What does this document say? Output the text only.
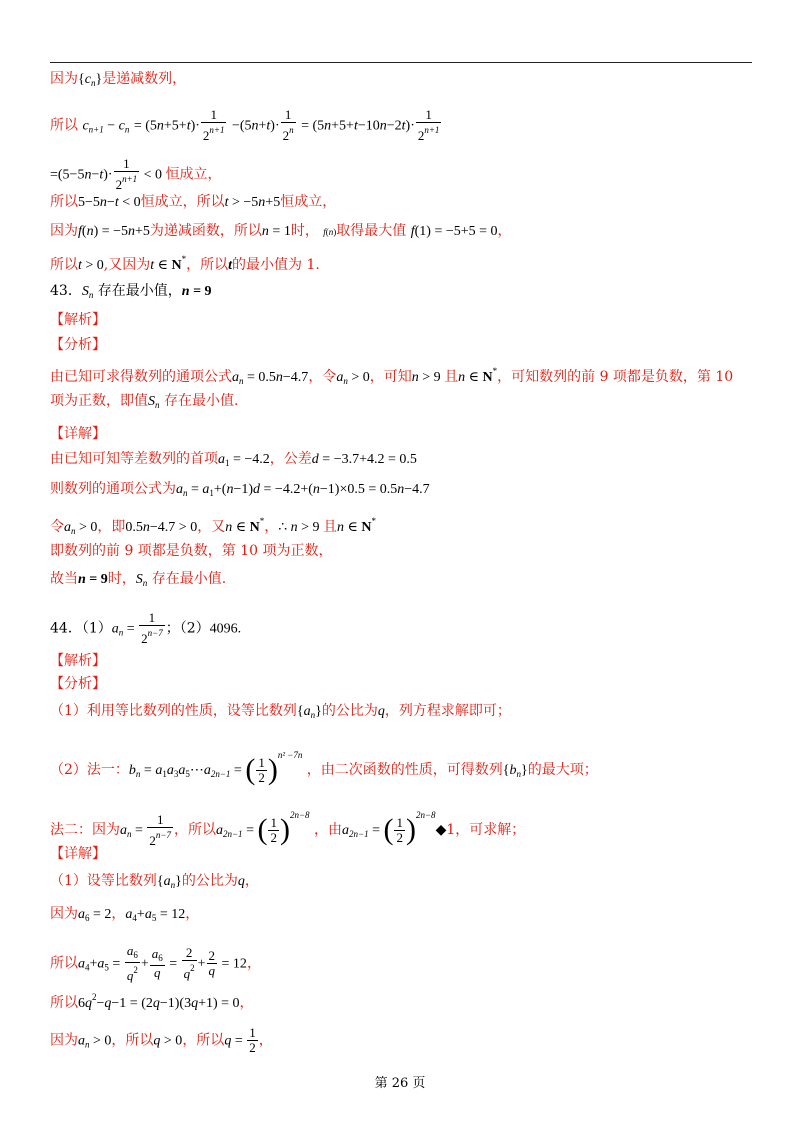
因为$\{c_n\}$是递减数列，
所以 $c_{n+1} - c_n = (5n+5+t)\cdot \frac{1}{2^{n+1}} -(5n+t)\cdot \frac{1}{2^n} = (5n+5+t-10n-2t)\cdot \frac{1}{2^{n+1}}$
$=(5-5n-t)\cdot \frac{1}{2^{n+1}} < 0$ 恒成立，
所以5−5n−t < 0恒成立，所以t > −5n+5恒成立，
因为f(n) = −5n+5为递减函数，所以n = 1时， f(n)取得最大值 f(1) = −5+5 = 0，
所以t > 0,又因为t ∈ N*，所以t的最小值为 1.
43．$S_n$ 存在最小值，n = 9
【解析】
【分析】
由已知可求得数列的通项公式$a_n = 0.5n-4.7$，令$a_n > 0$，可知n > 9 且n ∈ N*，可知数列的前 9 项都是负数，第 10
项为正数，即值$S_n$ 存在最小值.
【详解】
由已知可知等差数列的首项$a_1 = -4.2$，公差d = −3.7+4.2 = 0.5
则数列的通项公式为$a_n = a_1+(n-1)d = -4.2+(n-1)\times 0.5 = 0.5n-4.7$
令$a_n > 0$，即0.5n−4.7 > 0，又n ∈ N*，∴ n > 9 且n ∈ N*
即数列的前 9 项都是负数，第 10 项为正数，
故当n = 9时，$S_n$ 存在最小值.
44．$(1)a_n = \frac{1}{2^{n-7}}$ ；（2）4096.
【解析】
【分析】
（1）利用等比数列的性质，设等比数列$\{a_n\}$的公比为q，列方程求解即可；
（2）法一：$b_n$ = $a_1a_3a_5\cdots a_{2n-1}$ = ( $\frac{1}{2} )^{n^2 -7n}$ ，由二次函数的性质，可得数列$\{b_n\}$的最大项；
法二：因为$a_n = \frac{1}{2^{n-7}}$ ，所以$a_{2n-1}$ = ( $\frac{1}{2} )^{2n-8}$ ，由$a_{2n-1}$ = ( $\frac{1}{2}$ )$^{2n-8}$◆1，可求解；
【详解】
（1）设等比数列$\{a_n\}$的公比为q，
因为$a_6 = 2$，$a_4+a_5 = 12$，
所以$a_4+a_5 = \frac{a_6}{q^2} + \frac{a_6}{q} = \frac{2}{q^2} + \frac{2}{q} = 12$，
所以$6q^2-q-1 = (2q-1)(3q+1) = 0$，
因为$a_n > 0$，所以q > 0，所以$q = \frac{1}{2}$ ，
第 26 页
